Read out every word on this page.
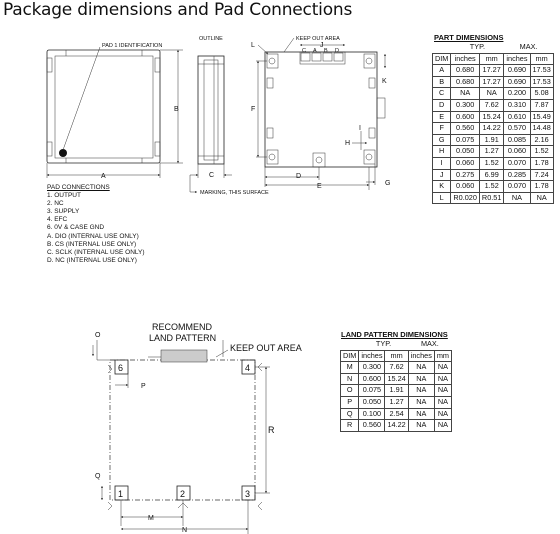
Package dimensions and Pad Connections
PAD 1 IDENTIFICATION
A
B
OUTLINE
C
MARKING, THIS SURFACE
KEEP OUT AREA
J
C A B D
F
L
K
H
I
G
D
E
RECOMMEND
LAND PATTERN
KEEP OUT AREA
6	4
1	2	3
O
P
Q
R
M
N
PAD CONNECTIONS
1. OUTPUT
2. NC
3. SUPPLY
4. EFC
6. 0V & CASE GND
A. DIO (INTERNAL USE ONLY)
B. CS (INTERNAL USE ONLY)
C. SCLK (INTERNAL USE ONLY)
D. NC (INTERNAL USE ONLY)
PART DIMENSIONS
	TYP.		MAX.	
DIM	inches	mm	inches	mm
A	0.680	17.27	0.690	17.53
B	0.680	17.27	0.690	17.53
C	NA	NA	0.200	5.08
D	0.300	7.62	0.310	7.87
E	0.600	15.24	0.610	15.49
F	0.560	14.22	0.570	14.48
G	0.075	1.91	0.085	2.16
H	0.050	1.27	0.060	1.52
I	0.060	1.52	0.070	1.78
J	0.275	6.99	0.285	7.24
K	0.060	1.52	0.070	1.78
L	R0.020	R0.51	NA	NA
LAND PATTERN DIMENSIONS
	TYP.		MAX.	
DIM	inches	mm	inches	mm
M	0.300	7.62	NA	NA
N	0.600	15.24	NA	NA
O	0.075	1.91	NA	NA
P	0.050	1.27	NA	NA
Q	0.100	2.54	NA	NA
R	0.560	14.22	NA	NA
